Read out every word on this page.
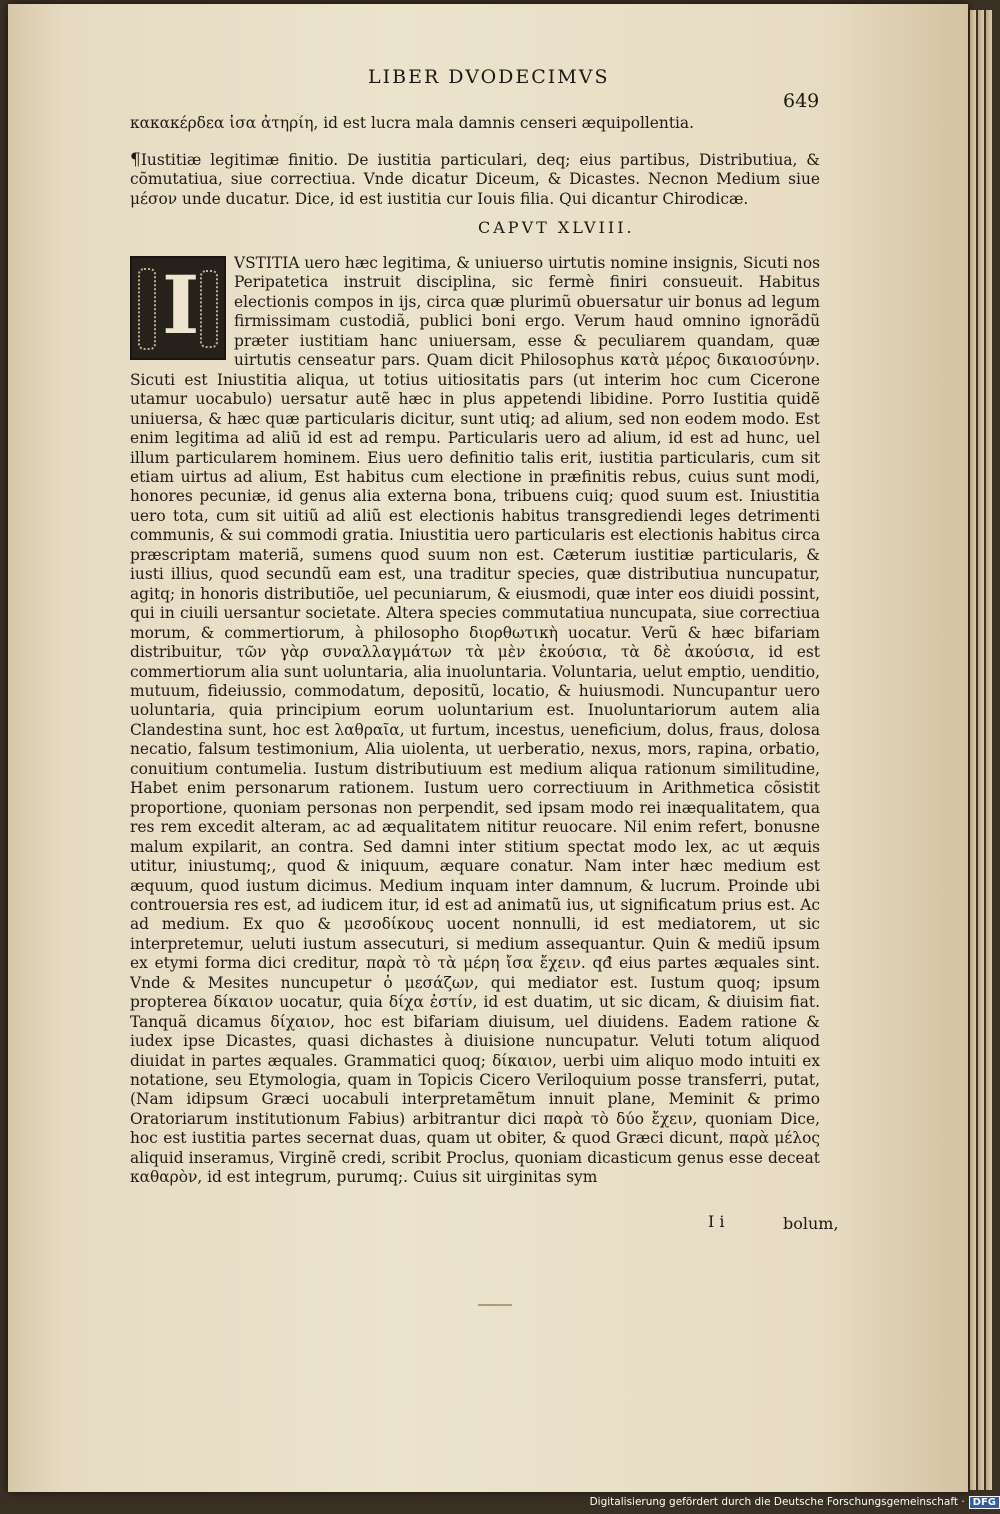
LIBER DVODECIMVS
649

κακακέρδεα ἰσα ἀτηρίη, id est lucra mala damnis censeri æquipollentia.

¶Iustitiæ legitimæ finitio. De iustitia particulari, deq; eius partibus, Distributiua, & cõmutatiua, siue correctiua. Vnde dicatur Diceum, & Dicastes. Necnon Medium siue μέσον unde ducatur. Dice, id est iustitia cur Iouis filia. Qui dicantur Chirodicæ.

CAPVT XLVIII.
I	VSTITIA uero hæc legitima, & uniuerso uirtutis nomine insignis, Sicuti nos Peripatetica instruit disciplina, sic fermè finiri consueuit. Habitus electionis compos in ijs, circa quæ plurimũ obuersatur uir bonus ad legum firmissimam custodiã, publici boni ergo. Verum haud omnino ignorãdũ præter iustitiam hanc uniuersam, esse & peculiarem quandam, quæ uirtutis censeatur pars. Quam dicit Philosophus κατὰ μέρος δικαιοσύνην. Sicuti est Iniustitia aliqua, ut totius uitiositatis pars (ut interim hoc cum Cicerone utamur uocabulo) uersatur autẽ hæc in plus appetendi libidine. Porro Iustitia quidẽ uniuersa, & hæc quæ particularis dicitur, sunt utiq; ad alium, sed non eodem modo. Est enim legitima ad aliũ id est ad rempu. Particularis uero ad alium, id est ad hunc, uel illum particularem hominem. Eius uero definitio talis erit, iustitia particularis, cum sit etiam uirtus ad alium, Est habitus cum electione in præfinitis rebus, cuius sunt modi, honores pecuniæ, id genus alia externa bona, tribuens cuiq; quod suum est. Iniustitia uero tota, cum sit uitiũ ad aliũ est electionis habitus transgrediendi leges detrimenti communis, & sui commodi gratia. Iniustitia uero particularis est electionis habitus circa præscriptam materiã, sumens quod suum non est. Cæterum iustitiæ particularis, & iusti illius, quod secundũ eam est, una traditur species, quæ distributiua nuncupatur, agitq; in honoris distributiõe, uel pecuniarum, & eiusmodi, quæ inter eos diuidi possint, qui in ciuili uersantur societate. Altera species commutatiua nuncupata, siue correctiua morum, & commertiorum, à philosopho διορθωτικὴ uocatur. Verũ & hæc bifariam distribuitur, τῶν γὰρ συναλλαγμάτων τὰ μὲν ἑκούσια, τὰ δὲ ἀκούσια, id est commertiorum alia sunt uoluntaria, alia inuoluntaria. Voluntaria, uelut emptio, uenditio, mutuum, fideiussio, commodatum, depositũ, locatio, & huiusmodi. Nuncupantur uero uoluntaria, quia principium eorum uoluntarium est. Inuoluntariorum autem alia Clandestina sunt, hoc est λαθραῖα, ut furtum, incestus, ueneficium, dolus, fraus, dolosa necatio, falsum testimonium, Alia uiolenta, ut uerberatio, nexus, mors, rapina, orbatio, conuitium contumelia. Iustum distributiuum est medium aliqua rationum similitudine, Habet enim personarum rationem. Iustum uero correctiuum in Arithmetica cõsistit proportione, quoniam personas non perpendit, sed ipsam modo rei inæqualitatem, qua res rem excedit alteram, ac ad æqualitatem nititur reuocare. Nil enim refert, bonusne malum expilarit, an contra. Sed damni inter stitium spectat modo lex, ac ut æquis utitur, iniustumq;, quod & iniquum, æquare conatur. Nam inter hæc medium est æquum, quod iustum dicimus. Medium inquam inter damnum, & lucrum. Proinde ubi controuersia res est, ad iudicem itur, id est ad animatũ ius, ut significatum prius est. Ac ad medium. Ex quo & μεσοδίκους uocent nonnulli, id est mediatorem, ut sic interpretemur, ueluti iustum assecuturi, si medium assequantur. Quin & mediũ ipsum ex etymi forma dici creditur, παρὰ τὸ τὰ μέρη ἴσα ἔχειν. qđ eius partes æquales sint. Vnde & Mesites nuncupetur ὁ μεσάζων, qui mediator est. Iustum quoq; ipsum propterea δίκαιον uocatur, quia δίχα ἐστίν, id est duatim, ut sic dicam, & diuisim fiat. Tanquã dicamus δίχαιον, hoc est bifariam diuisum, uel diuidens. Eadem ratione & iudex ipse Dicastes, quasi dichastes à diuisione nuncupatur. Veluti totum aliquod diuidat in partes æquales. Grammatici quoq; δίκαιον, uerbi uim aliquo modo intuiti ex notatione, seu Etymologia, quam in Topicis Cicero Veriloquium posse transferri, putat, (Nam idipsum Græci uocabuli interpretamẽtum innuit plane, Meminit & primo Oratoriarum institutionum Fabius) arbitrantur dici παρὰ τὸ δύο ἔχειν, quoniam Dice, hoc est iustitia partes secernat duas, quam ut obiter, & quod Græci dicunt, παρὰ μέλος aliquid inseramus, Virginẽ credi, scribit Proclus, quoniam dicasticum genus esse deceat καθαρὸν, id est integrum, purumq;. Cuius sit uirginitas sym

I i	bolum,
Digitalisierung gefördert durch die Deutsche Forschungsgemeinschaft · DFG
